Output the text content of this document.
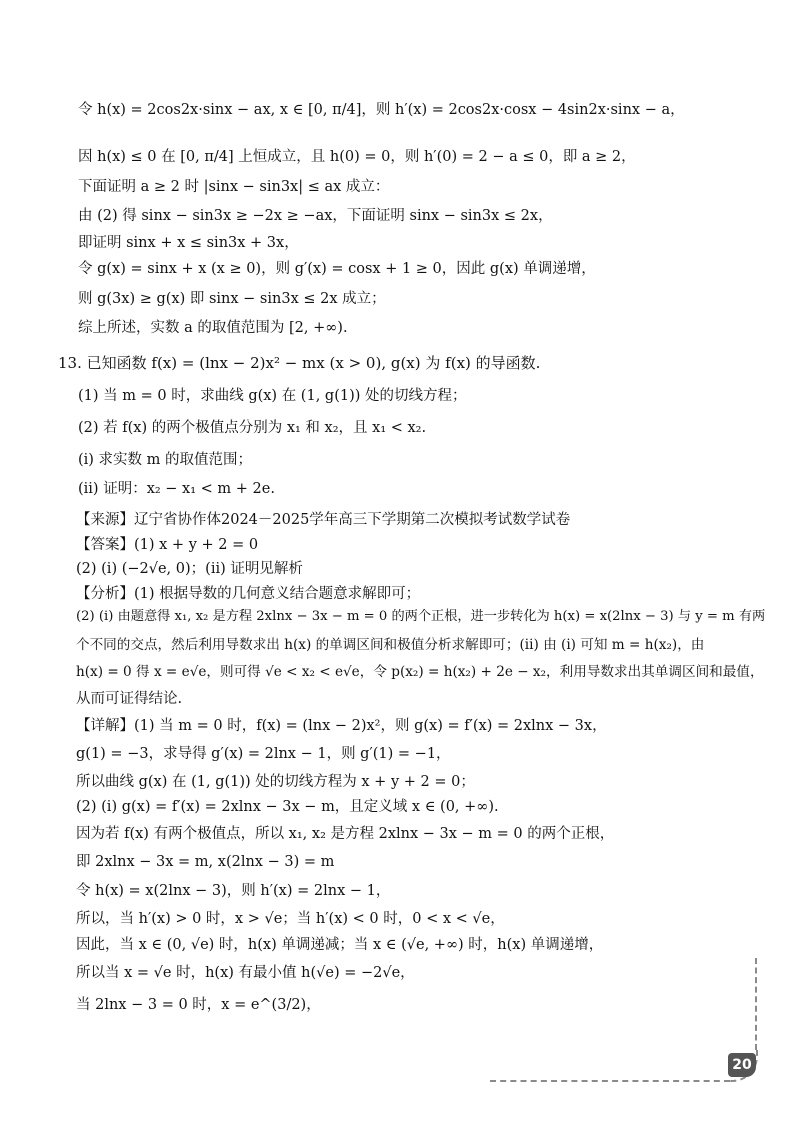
令 h(x) = 2cos2x·sinx − ax, x ∈ [0, π/4]，则 h′(x) = 2cos2x·cosx − 4sin2x·sinx − a，
因 h(x) ≤ 0 在 [0, π/4] 上恒成立，且 h(0) = 0，则 h′(0) = 2 − a ≤ 0，即 a ≥ 2，
下面证明 a ≥ 2 时 |sinx − sin3x| ≤ ax 成立：
由 (2) 得 sinx − sin3x ≥ −2x ≥ −ax，下面证明 sinx − sin3x ≤ 2x，
即证明 sinx + x ≤ sin3x + 3x，
令 g(x) = sinx + x (x ≥ 0)，则 g′(x) = cosx + 1 ≥ 0，因此 g(x) 单调递增，
则 g(3x) ≥ g(x) 即 sinx − sin3x ≤ 2x 成立；
综上所述，实数 a 的取值范围为 [2, +∞).
13. 已知函数 f(x) = (lnx − 2)x² − mx (x > 0), g(x) 为 f(x) 的导函数.
(1) 当 m = 0 时，求曲线 g(x) 在 (1, g(1)) 处的切线方程；
(2) 若 f(x) 的两个极值点分别为 x₁ 和 x₂，且 x₁ < x₂.
(i) 求实数 m 的取值范围；
(ii) 证明：x₂ − x₁ < m + 2e.
【来源】辽宁省协作体2024－2025学年高三下学期第二次模拟考试数学试卷
【答案】(1) x + y + 2 = 0
(2) (i) (−2√e, 0)；(ii) 证明见解析
【分析】(1) 根据导数的几何意义结合题意求解即可；
(2) (i) 由题意得 x₁, x₂ 是方程 2xlnx − 3x − m = 0 的两个正根，进一步转化为 h(x) = x(2lnx − 3) 与 y = m 有两
个不同的交点，然后利用导数求出 h(x) 的单调区间和极值分析求解即可；(ii) 由 (i) 可知 m = h(x₂)，由
h(x) = 0 得 x = e√e，则可得 √e < x₂ < e√e，令 p(x₂) = h(x₂) + 2e − x₂，利用导数求出其单调区间和最值，
从而可证得结论.
【详解】(1) 当 m = 0 时，f(x) = (lnx − 2)x²，则 g(x) = f′(x) = 2xlnx − 3x，
g(1) = −3，求导得 g′(x) = 2lnx − 1，则 g′(1) = −1，
所以曲线 g(x) 在 (1, g(1)) 处的切线方程为 x + y + 2 = 0；
(2) (i) g(x) = f′(x) = 2xlnx − 3x − m，且定义域 x ∈ (0, +∞).
因为若 f(x) 有两个极值点，所以 x₁, x₂ 是方程 2xlnx − 3x − m = 0 的两个正根，
即 2xlnx − 3x = m, x(2lnx − 3) = m
令 h(x) = x(2lnx − 3)，则 h′(x) = 2lnx − 1，
所以，当 h′(x) > 0 时，x > √e；当 h′(x) < 0 时，0 < x < √e，
因此，当 x ∈ (0, √e) 时，h(x) 单调递减；当 x ∈ (√e, +∞) 时，h(x) 单调递增，
所以当 x = √e 时，h(x) 有最小值 h(√e) = −2√e，
当 2lnx − 3 = 0 时，x = e^(3/2)，
20
